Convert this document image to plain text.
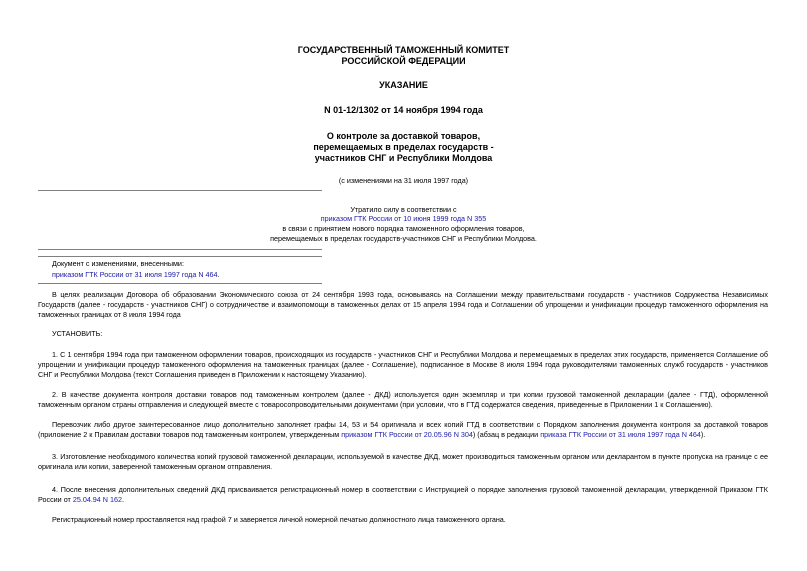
ГОСУДАРСТВЕННЫЙ ТАМОЖЕННЫЙ КОМИТЕТ
РОССИЙСКОЙ ФЕДЕРАЦИИ
УКАЗАНИЕ
N 01-12/1302 от 14 ноября 1994 года
О контроле за доставкой товаров,
перемещаемых в пределах государств -
участников СНГ и Республики Молдова
(с изменениями на 31 июля 1997 года)
Утратило силу в соответствии с
приказом ГТК России от 10 июня 1999 года N 355
в связи с принятием нового порядка таможенного оформления товаров,
перемещаемых в пределах государств-участников СНГ и Республики Молдова.
Документ с изменениями, внесенными:
приказом ГТК России от 31 июля 1997 года N 464.
В целях реализации Договора об образовании Экономического союза от 24 сентября 1993 года, основываясь на Соглашении между правительствами государств - участников Содружества Независимых Государств (далее - государств - участников СНГ) о сотрудничестве и взаимопомощи в таможенных делах от 15 апреля 1994 года и Соглашении об упрощении и унификации процедур таможенного оформления на таможенных границах от 8 июля 1994 года
УСТАНОВИТЬ:
1. С 1 сентября 1994 года при таможенном оформлении товаров, происходящих из государств - участников СНГ и Республики Молдова и перемещаемых в пределах этих государств, применяется Соглашение об упрощении и унификации процедур таможенного оформления на таможенных границах (далее - Соглашение), подписанное в Москве 8 июля 1994 года руководителями таможенных служб государств - участников СНГ и Республики Молдова (текст Соглашения приведен в Приложении к настоящему Указанию).
2. В качестве документа контроля доставки товаров под таможенным контролем (далее - ДКД) используется один экземпляр и три копии грузовой таможенной декларации (далее - ГТД), оформленной таможенным органом страны отправления и следующей вместе с товаросопроводительными документами (при условии, что в ГТД содержатся сведения, приведенные в Приложении 1 к Соглашению).
Перевозчик либо другое заинтересованное лицо дополнительно заполняет графы 14, 53 и 54 оригинала и всех копий ГТД в соответствии с Порядком заполнения документа контроля за доставкой товаров (приложение 2 к Правилам доставки товаров под таможенным контролем, утвержденным приказом ГТК России от 20.05.96 N 304) (абзац в редакции приказа ГТК России от 31 июля 1997 года N 464).
3. Изготовление необходимого количества копий грузовой таможенной декларации, используемой в качестве ДКД, может производиться таможенным органом или декларантом в пункте пропуска на границе с ее оригинала или копии, заверенной таможенным органом отправления.
4. После внесения дополнительных сведений ДКД присваивается регистрационный номер в соответствии с Инструкцией о порядке заполнения грузовой таможенной декларации, утвержденной Приказом ГТК России от 25.04.94 N 162.
Регистрационный номер проставляется над графой 7 и заверяется личной номерной печатью должностного лица таможенного органа.
